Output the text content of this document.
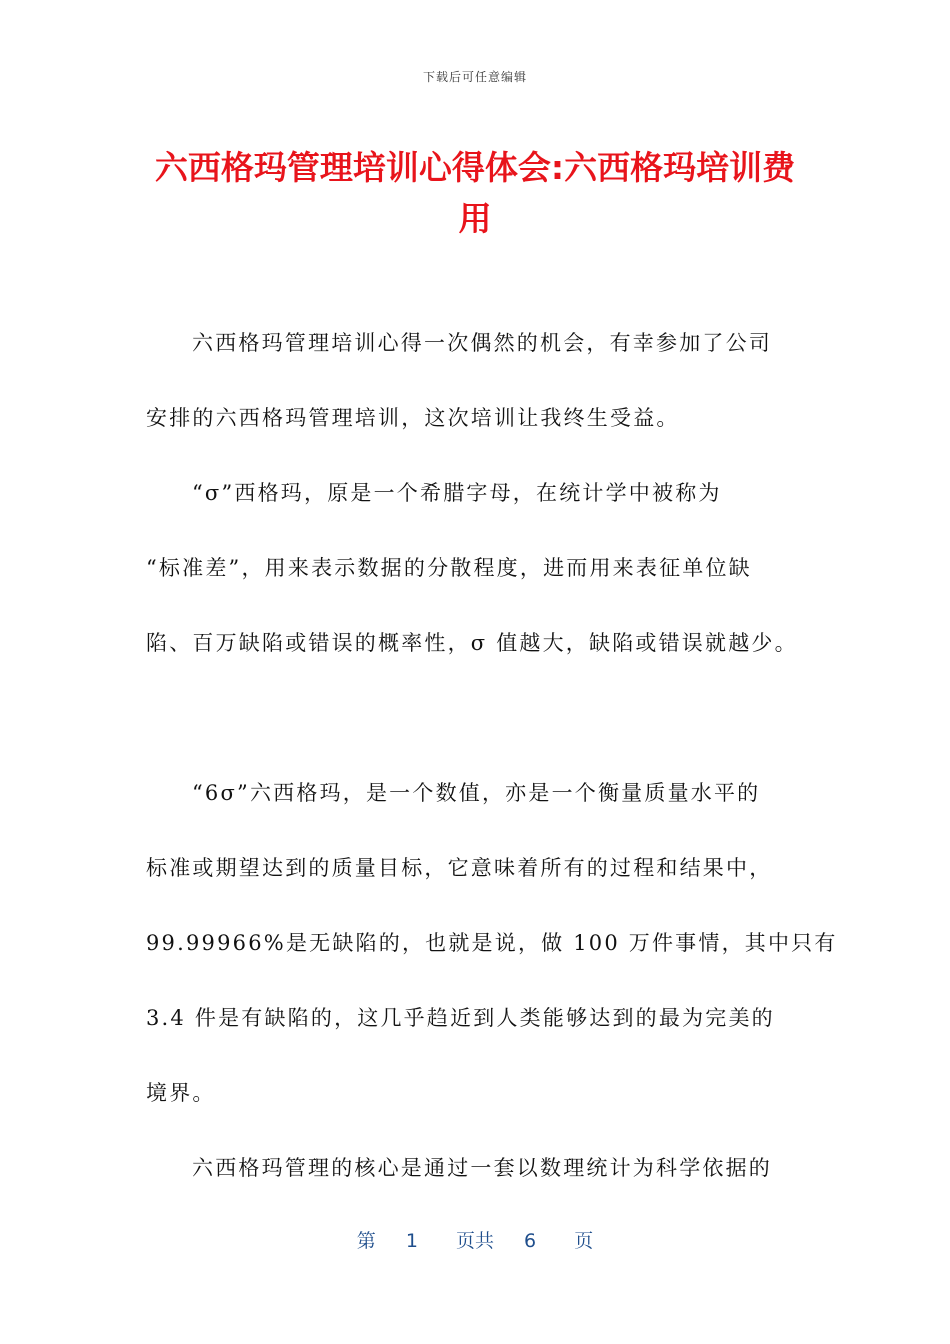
下载后可任意编辑
六西格玛管理培训心得体会:六西格玛培训费
用
六西格玛管理培训心得一次偶然的机会，有幸参加了公司
安排的六西格玛管理培训，这次培训让我终生受益。
“σ”西格玛，原是一个希腊字母，在统计学中被称为
“标准差”，用来表示数据的分散程度，进而用来表征单位缺
陷、百万缺陷或错误的概率性，σ 值越大，缺陷或错误就越少。
“6σ”六西格玛，是一个数值，亦是一个衡量质量水平的
标准或期望达到的质量目标，它意味着所有的过程和结果中，
99.99966%是无缺陷的，也就是说，做 100 万件事情，其中只有
3.4 件是有缺陷的，这几乎趋近到人类能够达到的最为完美的
境界。
六西格玛管理的核心是通过一套以数理统计为科学依据的
第 1 页共 6 页
